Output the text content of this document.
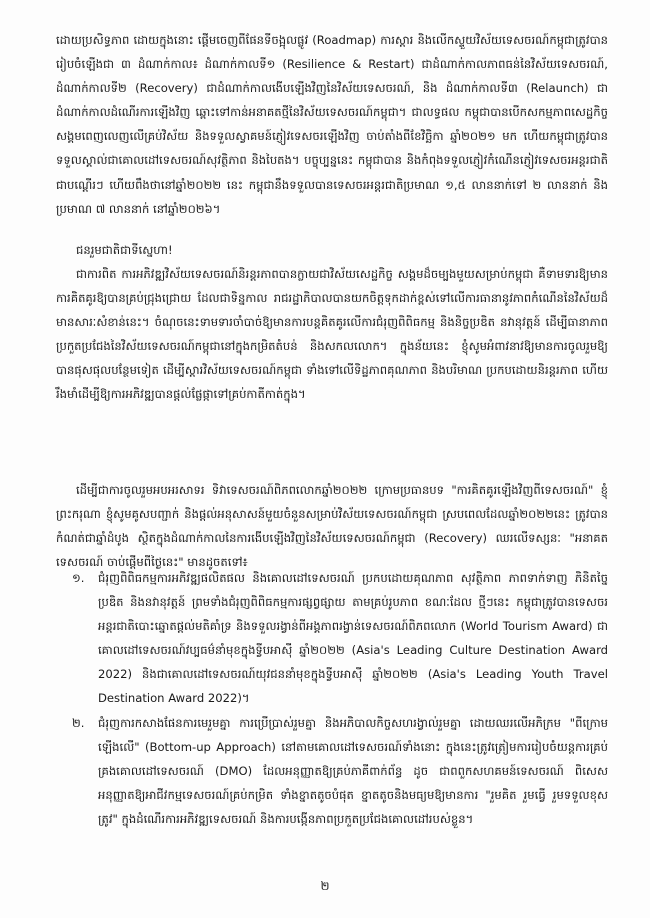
ដោយប្រសិទ្ធភាព ដោយក្នុងនោះ ផ្តើមចេញពីផែនទីចង្អុលផ្លូវ (Roadmap) ការស្តារ និងលើកស្ទួយវិស័យទេសចរណ៍កម្ពុជាត្រូវបានរៀបចំឡើងជា ៣ ដំណាក់កាល៖ ដំណាក់កាលទី១ (Resilience & Restart) ជាដំណាក់កាលភាពធន់នៃវិស័យទេសចរណ៍, ដំណាក់កាលទី២ (Recovery) ជាដំណាក់កាលងើបឡើងវិញនៃវិស័យទេសចរណ៍, និង ដំណាក់កាលទី៣ (Relaunch) ជាដំណាក់កាលដំណើរការឡើងវិញ ឆ្ពោះទៅកាន់អនាគតថ្មីនៃវិស័យទេសចរណ៍កម្ពុជា។ ជាលទ្ធផល កម្ពុជាបានបើកសកម្មភាពសេដ្ឋកិច្ច សង្គមពេញលេញលើគ្រប់វិស័យ និងទទួលស្វាគមន៍ភ្ញៀវទេសចរឡើងវិញ ចាប់តាំងពីខែវិច្ឆិកា ឆ្នាំ២០២១ មក ហើយកម្ពុជាត្រូវបានទទួលស្គាល់ជាគោលដៅទេសចរណ៍សុវត្ថិភាព និងបៃតង។ បច្ចុប្បន្ននេះ កម្ពុជាបាន និងកំពុងទទួលភ្ញៀវកំណើនភ្ញៀវទេសចរអន្តរជាតិជាបណ្តើរៗ ហើយពឹងថានៅឆ្នាំ២០២២ នេះ កម្ពុជានឹងទទួលបានទេសចរអន្តរជាតិប្រមាណ ១,៥ លាននាក់ទៅ ២ លាននាក់ និងប្រមាណ ៧ លាននាក់ នៅឆ្នាំ២០២៦។
ជនរួមជាតិជាទីស្នេហា!
ជាការពិត ការអភិវឌ្ឍវិស័យទេសចរណ៍និរន្តរភាពបានក្លាយជាវិស័យសេដ្ឋកិច្ច សង្គមដ៏ចម្បងមួយសម្រាប់កម្ពុជា គឺទាមទារឱ្យមានការគិតគូរឱ្យបានគ្រប់ជ្រុងជ្រោយ ដែលជាទិន្នកាល រាជរដ្ឋាភិបាលបានយកចិត្តទុកដាក់ខ្ពស់ទៅលើការធានានូវភាពកំណើននៃវិស័យដ៏មានសារៈសំខាន់នេះ។ ចំណុចនេះទាមទារចាំបាច់ឱ្យមានការបន្តគិតគូរលើការជំរុញពិពិធកម្ម និងនិច្ចប្រឌិត នវានុវត្តន៍ ដើម្បីធានាភាពប្រកួតប្រជែងនៃវិស័យទេសចរណ៍កម្ពុជានៅក្នុងកម្រិតតំបន់ និងសកលលោក។ ក្នុងន័យនេះ ខ្ញុំសូមអំពាវនាវឱ្យមានការចូលរួមឱ្យបានផុសផុលបន្ថែមទៀត ដើម្បីស្តារវិស័យទេសចរណ៍កម្ពុជា ទាំងទៅលើទិដ្ឋភាពគុណភាព និងបរិមាណ ប្រកបដោយនិរន្តរភាព ហើយរឹងមាំដើម្បីឱ្យការអភិវឌ្ឍបានផ្តល់ផ្លែផ្កាទៅគ្រប់កាតីកាត់ក្នុង។
ដើម្បីជាការចូលរួមអបអរសាទរ ទិវាទេសចរណ៍ពិភពលោកឆ្នាំ២០២២ ក្រោមប្រធានបទ "ការគិតគូរឡើងវិញពីទេសចរណ៍" ខ្ញុំព្រះករុណា ខ្ញុំសូមគូសបញ្ជាក់ និងផ្តល់អនុសាសន៍មួយចំនួនសម្រាប់វិស័យទេសចរណ៍កម្ពុជា ស្របពេលដែលឆ្នាំ២០២២នេះ ត្រូវបានកំណត់ជាឆ្នាំដំបូង ស្ថិតក្នុងដំណាក់កាលនៃការងើបឡើងវិញនៃវិស័យទេសចរណ៍កម្ពុជា (Recovery) ឈរលើទស្សនៈ "អនាគតទេសចរណ៍ ចាប់ផ្តើមពីថ្ងៃនេះ" មានដូចតទៅ៖
១. ជំរុញពិពិធកម្មការអភិវឌ្ឍផលិតផល និងគោលដៅទេសចរណ៍ ប្រកបដោយគុណភាព សុវត្ថិភាព ភាពទាក់ទាញ ភិនិតច្នៃប្រឌិត និងនវានុវត្តន៍ ព្រមទាំងជំរុញពិពិធកម្មការផ្សព្វផ្សាយ តាមគ្រប់រូបភាព ខណៈដែល ថ្មីៗនេះ កម្ពុជាត្រូវបានទេសចរអន្តរជាតិបោះឆ្នោតផ្តល់មតិគាំទ្រ និងទទួលរង្វាន់ពីអង្គភាពរង្វាន់ទេសចរណ៍ពិភពលោក (World Tourism Award) ជាគោលដៅទេសចរណ៍វប្បធម៌នាំមុខក្នុងទ្វីបអាស៊ី ឆ្នាំ២០២២ (Asia's Leading Culture Destination Award 2022) និងជាគោលដៅទេសចរណ៍យុវជននាំមុខក្នុងទ្វីបអាស៊ី ឆ្នាំ២០២២ (Asia's Leading Youth Travel Destination Award 2022)។
២. ជំរុញការកសាងផែនការមេរួមគ្នា ការប្រើប្រាស់រួមគ្នា និងអភិបាលកិច្ចសហរង្វាល់រួមគ្នា ដោយឈរលើអភិក្រម "ពីក្រោមឡើងលើ" (Bottom-up Approach) នៅតាមគោលដៅទេសចរណ៍ទាំងនោះ ក្នុងនេះត្រូវត្រៀមការរៀបចំយន្តការគ្រប់គ្រងគោលដៅទេសចរណ៍ (DMO) ដែលអនុញ្ញាតឱ្យគ្រប់ភាគីពាក់ព័ន្ធ ដូច ជាពពួកសហគមន៍ទេសចរណ៍ ពិសេសអនុញ្ញាតឱ្យអាជីវកម្មទេសចរណ៍គ្រប់កម្រិត ទាំងខ្នាតតូចបំផុត ខ្នាតតូចនិងមធ្យមឱ្យមានការ "រួមគិត រួមធ្វើ រួមទទួលខុសត្រូវ" ក្នុងដំណើរការអភិវឌ្ឍទេសចរណ៍ និងការបង្កើនភាពប្រកួតប្រជែងគោលដៅរបស់ខ្លួន។
២
